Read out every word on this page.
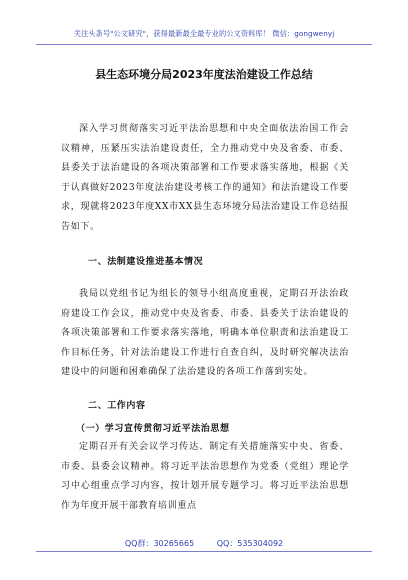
关注头条号"公文研究"，获得最新最全最专业的公文资料库！ 微信：gongwenyj
县生态环境分局2023年度法治建设工作总结
深入学习贯彻落实习近平法治思想和中央全面依法治国工作会议精神，压紧压实法治建设责任，全力推动党中央及省委、市委、县委关于法治建设的各项决策部署和工作要求落实落地，根据《关于认真做好2023年度法治建设考核工作的通知》和法治建设工作要求，现就将2023年度XX市XX县生态环境分局法治建设工作总结报告如下。
一、法制建设推进基本情况
我局以党组书记为组长的领导小组高度重视，定期召开法治政府建设工作会议，推动党中央及省委、市委、县委关于法治建设的各项决策部署和工作要求落实落地，明确本单位职责和法治建设工作目标任务，针对法治建设工作进行自查自纠，及时研究解决法治建设中的问题和困难确保了法治建设的各项工作落到实处。
二、工作内容
（一）学习宣传贯彻习近平法治思想
定期召开有关会议学习传达、制定有关措施落实中央、省委、市委、县委会议精神。将习近平法治思想作为党委（党组）理论学习中心组重点学习内容，按计划开展专题学习。将习近平法治思想作为年度开展干部教育培训重点
QQ群：30265665	QQ：535304092
